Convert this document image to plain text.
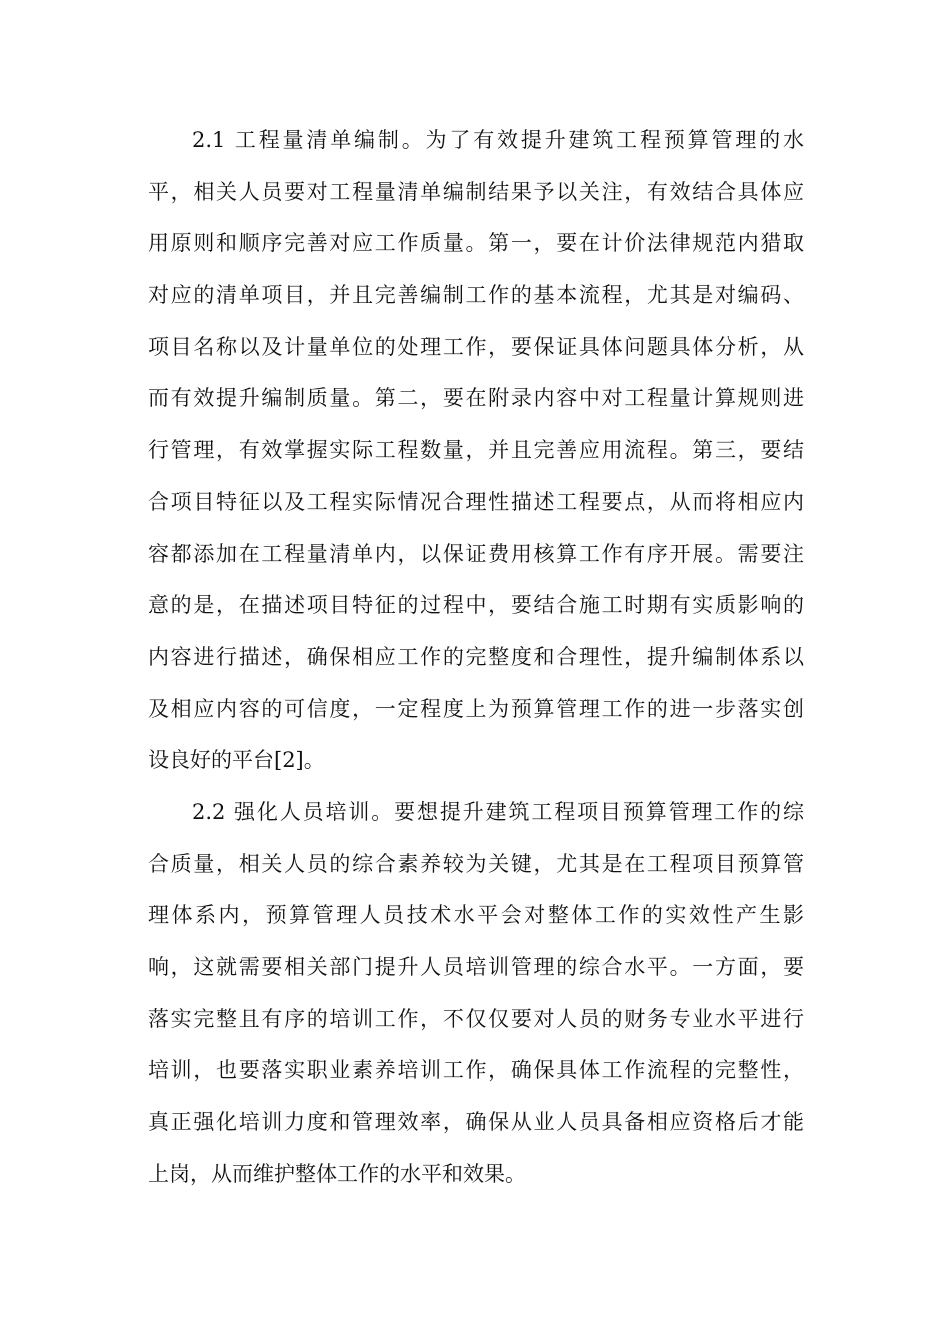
2.1 工程量清单编制。为了有效提升建筑工程预算管理的水
平，相关人员要对工程量清单编制结果予以关注，有效结合具体应
用原则和顺序完善对应工作质量。第一，要在计价法律规范内猎取
对应的清单项目，并且完善编制工作的基本流程，尤其是对编码、
项目名称以及计量单位的处理工作，要保证具体问题具体分析，从
而有效提升编制质量。第二，要在附录内容中对工程量计算规则进
行管理，有效掌握实际工程数量，并且完善应用流程。第三，要结
合项目特征以及工程实际情况合理性描述工程要点，从而将相应内
容都添加在工程量清单内，以保证费用核算工作有序开展。需要注
意的是，在描述项目特征的过程中，要结合施工时期有实质影响的
内容进行描述，确保相应工作的完整度和合理性，提升编制体系以
及相应内容的可信度，一定程度上为预算管理工作的进一步落实创
设良好的平台[2]。
2.2 强化人员培训。要想提升建筑工程项目预算管理工作的综
合质量，相关人员的综合素养较为关键，尤其是在工程项目预算管
理体系内，预算管理人员技术水平会对整体工作的实效性产生影
响，这就需要相关部门提升人员培训管理的综合水平。一方面，要
落实完整且有序的培训工作，不仅仅要对人员的财务专业水平进行
培训，也要落实职业素养培训工作，确保具体工作流程的完整性，
真正强化培训力度和管理效率，确保从业人员具备相应资格后才能
上岗，从而维护整体工作的水平和效果。
